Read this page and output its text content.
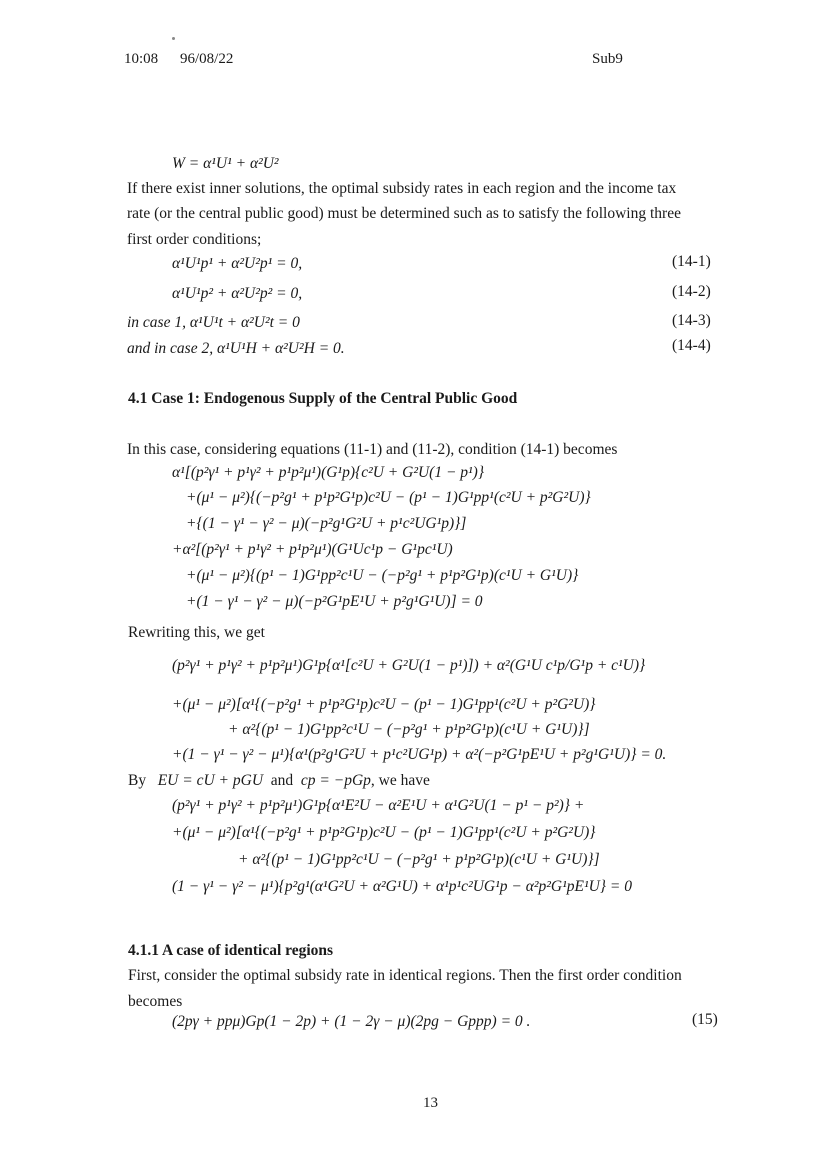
10:08 96/08/22	Sub9
W = α¹U¹ + α²U²
If there exist inner solutions, the optimal subsidy rates in each region and the income tax
rate (or the central public good) must be determined such as to satisfy the following three
first order conditions;
α¹U¹p¹ + α²U²p¹ = 0,	(14-1)
α¹U¹p² + α²U²p² = 0,	(14-2)
in case 1, α¹U¹t + α²U²t = 0	(14-3)
and in case 2, α¹U¹H + α²U²H = 0.	(14-4)
4.1 Case 1: Endogenous Supply of the Central Public Good
In this case, considering equations (11-1) and (11-2), condition (14-1) becomes
α¹[(p²γ¹ + p¹γ² + p¹p²μ¹)(G¹p){c²U + G²U(1 − p¹)}
+(μ¹ − μ²){(−p²g¹ + p¹p²G¹p)c²U − (p¹ − 1)G¹pp¹(c²U + p²G²U)}
+{(1 − γ¹ − γ² − μ)(−p²g¹G²U + p¹c²UG¹p)}]
+α²[(p²γ¹ + p¹γ² + p¹p²μ¹)(G¹Uc¹p − G¹pc¹U)
+(μ¹ − μ²){(p¹ − 1)G¹pp²c¹U − (−p²g¹ + p¹p²G¹p)(c¹U + G¹U)}
+(1 − γ¹ − γ² − μ)(−p²G¹pE¹U + p²g¹G¹U)] = 0
Rewriting this, we get
(p²γ¹ + p¹γ² + p¹p²μ¹)G¹p{α¹[c²U + G²U(1 − p¹)]) + α²(G¹U c¹p/G¹p + c¹U)}
+(μ¹ − μ²)[α¹{(−p²g¹ + p¹p²G¹p)c²U − (p¹ − 1)G¹pp¹(c²U + p²G²U)}
+ α²{(p¹ − 1)G¹pp²c¹U − (−p²g¹ + p¹p²G¹p)(c¹U + G¹U)}]
+(1 − γ¹ − γ² − μ¹){α¹(p²g¹G²U + p¹c²UG¹p) + α²(−p²G¹pE¹U + p²g¹G¹U)} = 0.
By EU = cU + pGU and cp = −pGp, we have
(p²γ¹ + p¹γ² + p¹p²μ¹)G¹p{α¹E²U − α²E¹U + α¹G²U(1 − p¹ − p²)} +
+(μ¹ − μ²)[α¹{(−p²g¹ + p¹p²G¹p)c²U − (p¹ − 1)G¹pp¹(c²U + p²G²U)}
+ α²{(p¹ − 1)G¹pp²c¹U − (−p²g¹ + p¹p²G¹p)(c¹U + G¹U)}]
(1 − γ¹ − γ² − μ¹){p²g¹(α¹G²U + α²G¹U) + α¹p¹c²UG¹p − α²p²G¹pE¹U} = 0
4.1.1 A case of identical regions
First, consider the optimal subsidy rate in identical regions. Then the first order condition
becomes
(2pγ + ppμ)Gp(1 − 2p) + (1 − 2γ − μ)(2pg − Gppp) = 0 .	(15)
13
